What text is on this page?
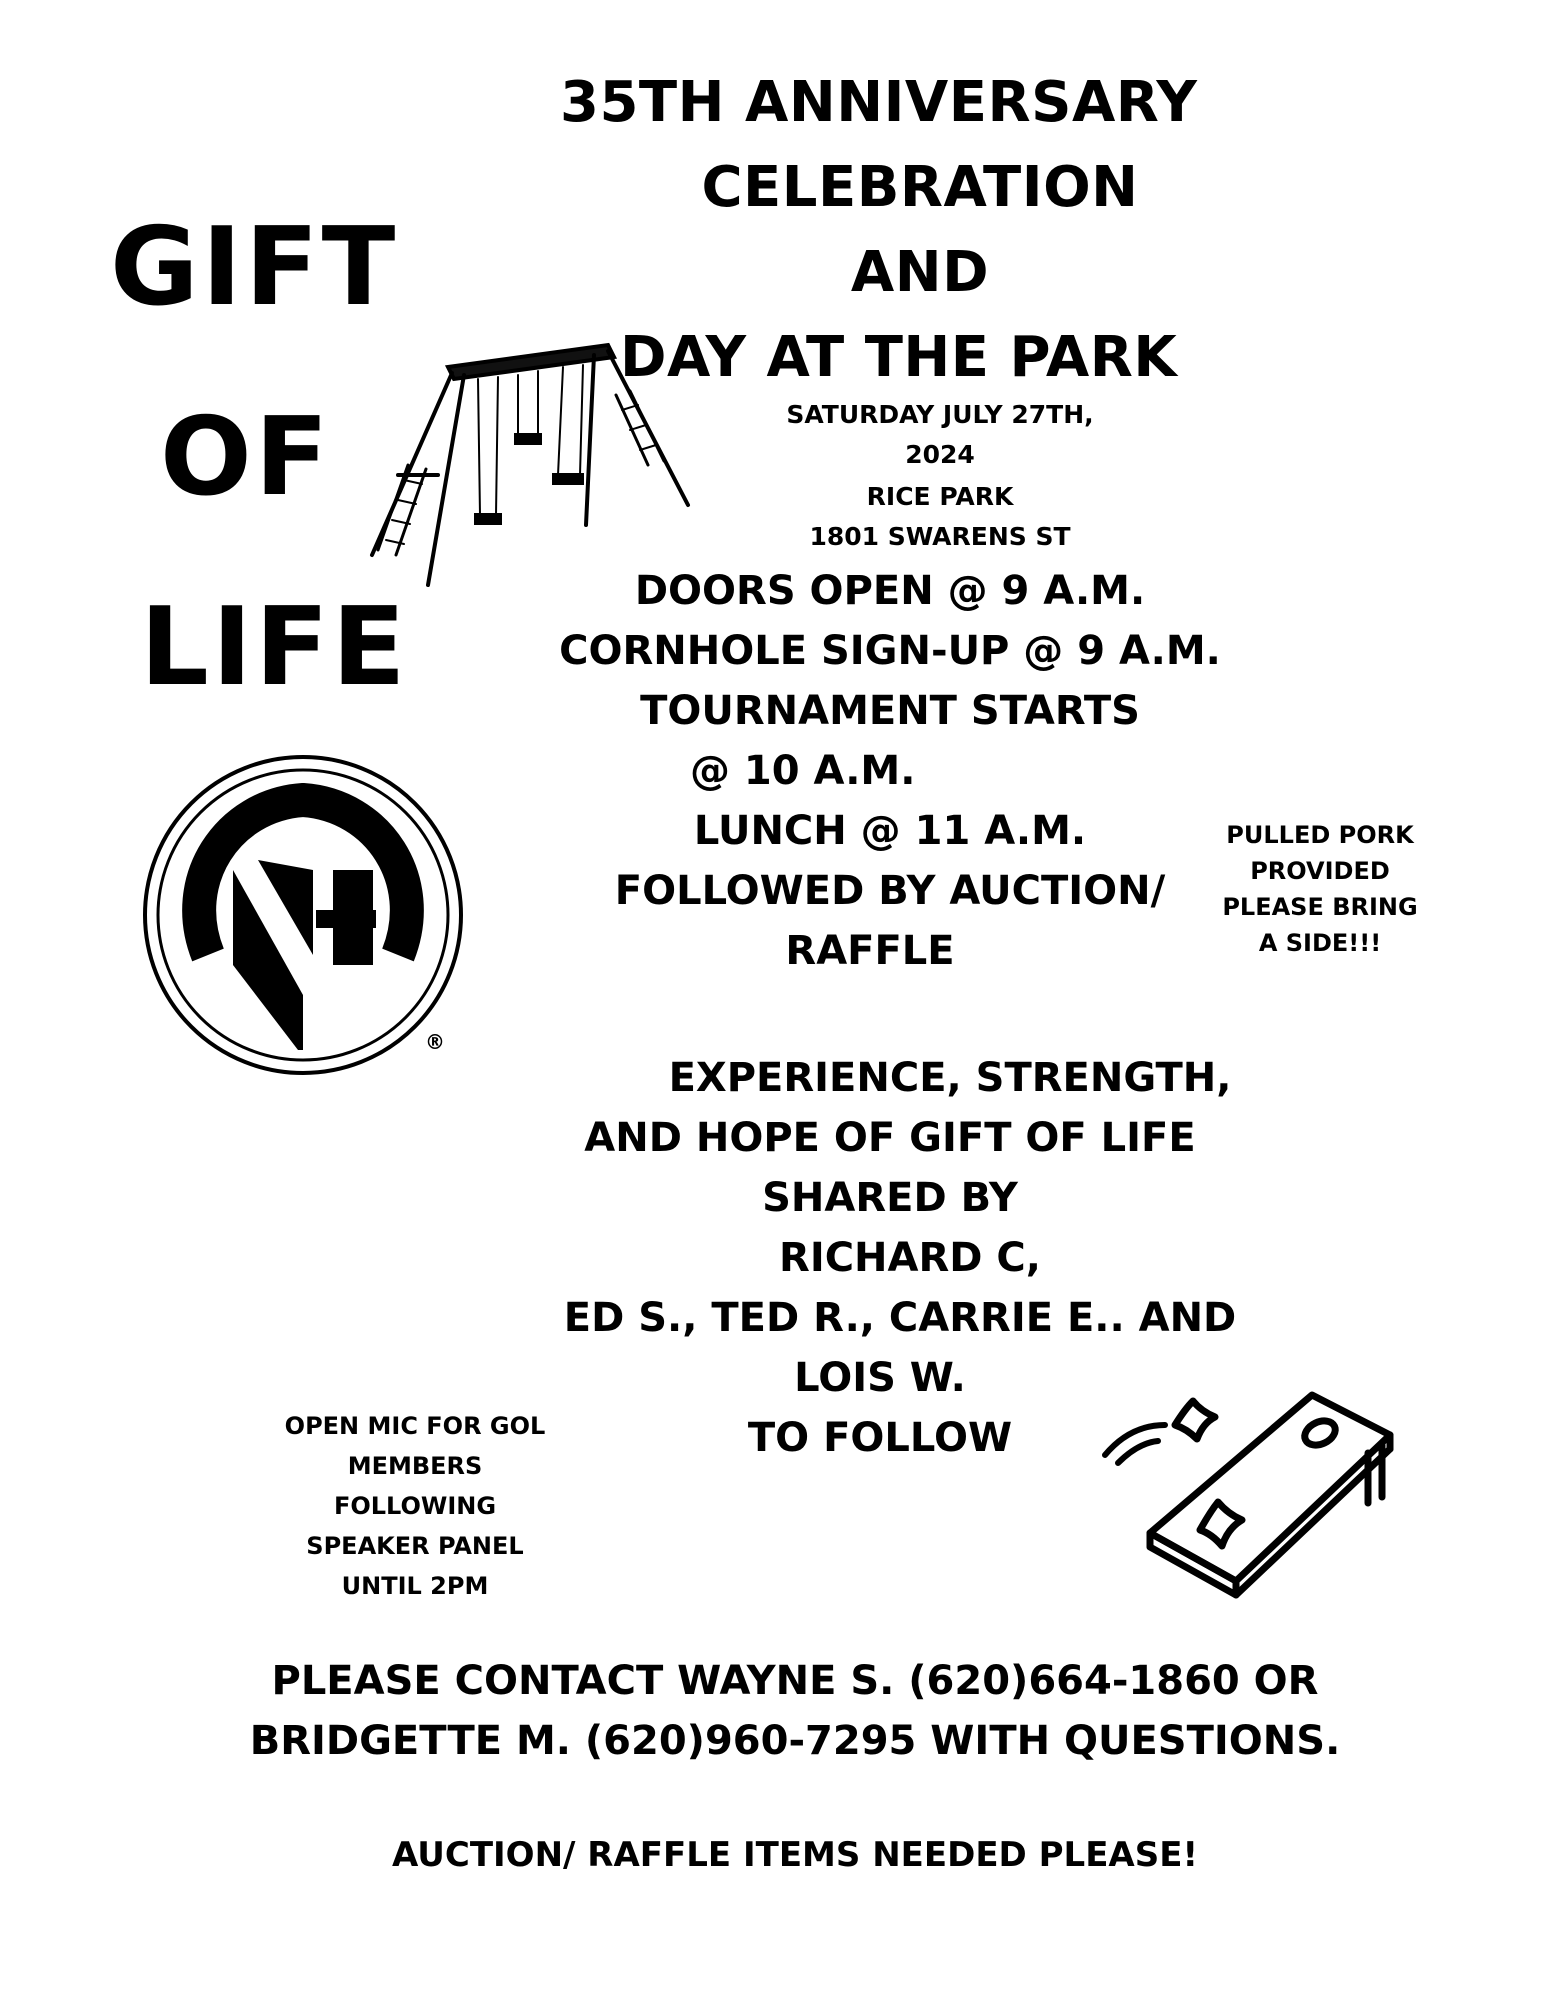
35TH ANNIVERSARY

CELEBRATION

AND

DAY AT THE PARK

GIFT

OF

LIFE

SATURDAY JULY 27TH,

2024

RICE PARK

1801 SWARENS ST

DOORS OPEN @ 9 A.M.

CORNHOLE SIGN-UP @ 9 A.M.

TOURNAMENT STARTS

@ 10 A.M.

LUNCH @ 11 A.M.

FOLLOWED BY AUCTION/

RAFFLE

PULLED PORK
PROVIDED
PLEASE BRING
A SIDE!!!

®

EXPERIENCE, STRENGTH,

AND HOPE OF GIFT OF LIFE

SHARED BY

RICHARD C,

ED S., TED R., CARRIE E.. AND

LOIS W.

TO FOLLOW

OPEN MIC FOR GOL
MEMBERS
FOLLOWING
SPEAKER PANEL
UNTIL 2PM

PLEASE CONTACT WAYNE S. (620)664-1860 OR

BRIDGETTE M. (620)960-7295 WITH QUESTIONS.

AUCTION/ RAFFLE ITEMS NEEDED PLEASE!
